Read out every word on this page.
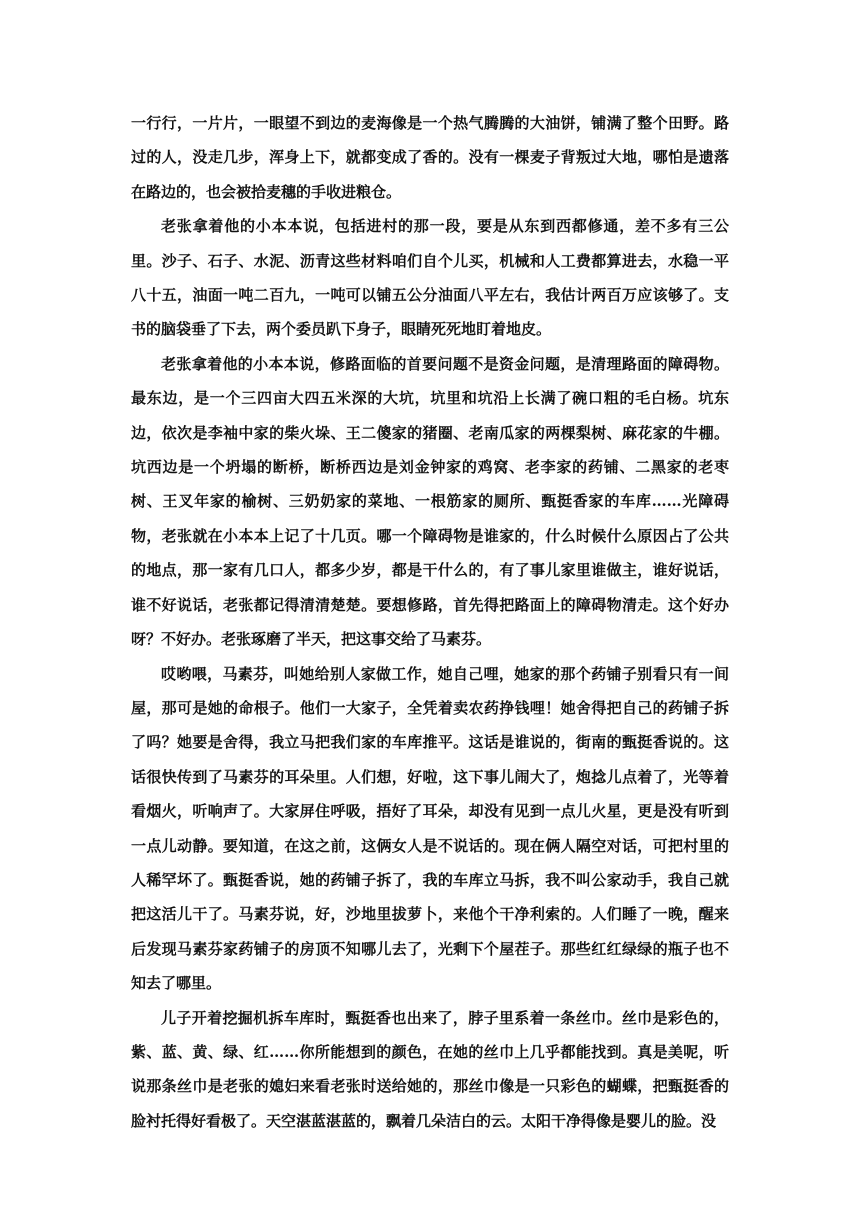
一行行，一片片，一眼望不到边的麦海像是一个热气腾腾的大油饼，铺满了整个田野。路过的人，没走几步，浑身上下，就都变成了香的。没有一棵麦子背叛过大地，哪怕是遗落在路边的，也会被拾麦穗的手收进粮仓。

老张拿着他的小本本说，包括进村的那一段，要是从东到西都修通，差不多有三公里。沙子、石子、水泥、沥青这些材料咱们自个儿买，机械和人工费都算进去，水稳一平八十五，油面一吨二百九，一吨可以铺五公分油面八平左右，我估计两百万应该够了。支书的脑袋垂了下去，两个委员趴下身子，眼睛死死地盯着地皮。

老张拿着他的小本本说，修路面临的首要问题不是资金问题，是清理路面的障碍物。最东边，是一个三四亩大四五米深的大坑，坑里和坑沿上长满了碗口粗的毛白杨。坑东边，依次是李袖中家的柴火垛、王二傻家的猪圈、老南瓜家的两棵梨树、麻花家的牛棚。坑西边是一个坍塌的断桥，断桥西边是刘金钟家的鸡窝、老李家的药铺、二黑家的老枣树、王叉年家的榆树、三奶奶家的菜地、一根筋家的厕所、甄挺香家的车库……光障碍物，老张就在小本本上记了十几页。哪一个障碍物是谁家的，什么时候什么原因占了公共的地点，那一家有几口人，都多少岁，都是干什么的，有了事儿家里谁做主，谁好说话，谁不好说话，老张都记得清清楚楚。要想修路，首先得把路面上的障碍物清走。这个好办呀？不好办。老张琢磨了半天，把这事交给了马素芬。

哎哟喂，马素芬，叫她给别人家做工作，她自己哩，她家的那个药铺子别看只有一间屋，那可是她的命根子。他们一大家子，全凭着卖农药挣钱哩！她舍得把自己的药铺子拆了吗？她要是舍得，我立马把我们家的车库推平。这话是谁说的，街南的甄挺香说的。这话很快传到了马素芬的耳朵里。人们想，好啦，这下事儿闹大了，炮捻儿点着了，光等着看烟火，听响声了。大家屏住呼吸，捂好了耳朵，却没有见到一点儿火星，更是没有听到一点儿动静。要知道，在这之前，这俩女人是不说话的。现在俩人隔空对话，可把村里的人稀罕坏了。甄挺香说，她的药铺子拆了，我的车库立马拆，我不叫公家动手，我自己就把这活儿干了。马素芬说，好，沙地里拔萝卜，来他个干净利索的。人们睡了一晚，醒来后发现马素芬家药铺子的房顶不知哪儿去了，光剩下个屋茬子。那些红红绿绿的瓶子也不知去了哪里。

儿子开着挖掘机拆车库时，甄挺香也出来了，脖子里系着一条丝巾。丝巾是彩色的，紫、蓝、黄、绿、红……你所能想到的颜色，在她的丝巾上几乎都能找到。真是美呢，听说那条丝巾是老张的媳妇来看老张时送给她的，那丝巾像是一只彩色的蝴蝶，把甄挺香的脸衬托得好看极了。天空湛蓝湛蓝的，飘着几朵洁白的云。太阳干净得像是婴儿的脸。没
